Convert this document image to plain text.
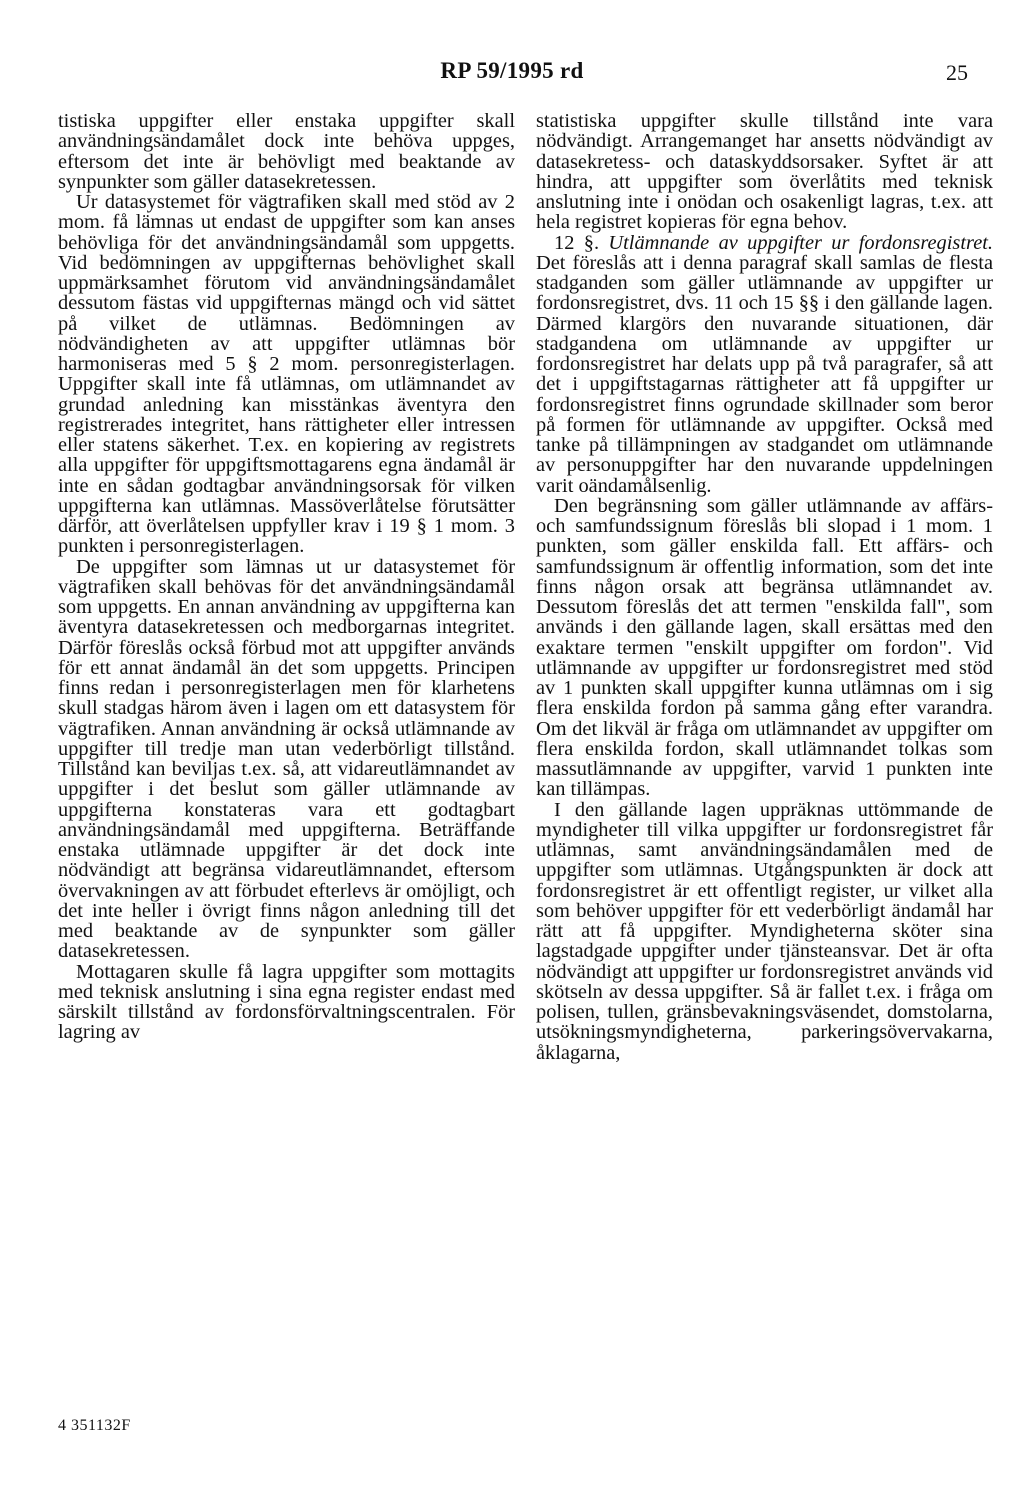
RP 59/1995 rd	25

tistiska uppgifter eller enstaka uppgifter skall användningsändamålet dock inte behöva uppges, eftersom det inte är behövligt med beaktande av synpunkter som gäller datasekretessen.

Ur datasystemet för vägtrafiken skall med stöd av 2 mom. få lämnas ut endast de uppgifter som kan anses behövliga för det användningsändamål som uppgetts. Vid bedömningen av uppgifternas behövlighet skall uppmärksamhet förutom vid användningsändamålet dessutom fästas vid uppgifternas mängd och vid sättet på vilket de utlämnas. Bedömningen av nödvändigheten av att uppgifter utlämnas bör harmoniseras med 5 § 2 mom. personregisterlagen. Uppgifter skall inte få utlämnas, om utlämnandet av grundad anledning kan misstänkas äventyra den registrerades integritet, hans rättigheter eller intressen eller statens säkerhet. T.ex. en kopiering av registrets alla uppgifter för uppgiftsmottagarens egna ändamål är inte en sådan godtagbar användningsorsak för vilken uppgifterna kan utlämnas. Massöverlåtelse förutsätter därför, att överlåtelsen uppfyller krav i 19 § 1 mom. 3 punkten i personregisterlagen.

De uppgifter som lämnas ut ur datasystemet för vägtrafiken skall behövas för det användningsändamål som uppgetts. En annan användning av uppgifterna kan äventyra datasekretessen och medborgarnas integritet. Därför föreslås också förbud mot att uppgifter används för ett annat ändamål än det som uppgetts. Principen finns redan i personregisterlagen men för klarhetens skull stadgas härom även i lagen om ett datasystem för vägtrafiken. Annan användning är också utlämnande av uppgifter till tredje man utan vederbörligt tillstånd. Tillstånd kan beviljas t.ex. så, att vidareutlämnandet av uppgifter i det beslut som gäller utlämnande av uppgifterna konstateras vara ett godtagbart användningsändamål med uppgifterna. Beträffande enstaka utlämnade uppgifter är det dock inte nödvändigt att begränsa vidareutlämnandet, eftersom övervakningen av att förbudet efterlevs är omöjligt, och det inte heller i övrigt finns någon anledning till det med beaktande av de synpunkter som gäller datasekretessen.

Mottagaren skulle få lagra uppgifter som mottagits med teknisk anslutning i sina egna register endast med särskilt tillstånd av fordonsförvaltningscentralen. För lagring av

statistiska uppgifter skulle tillstånd inte vara nödvändigt. Arrangemanget har ansetts nödvändigt av datasekretess- och dataskyddsorsaker. Syftet är att hindra, att uppgifter som överlåtits med teknisk anslutning inte i onödan och osakenligt lagras, t.ex. att hela registret kopieras för egna behov.

12 §. Utlämnande av uppgifter ur fordonsregistret. Det föreslås att i denna paragraf skall samlas de flesta stadganden som gäller utlämnande av uppgifter ur fordonsregistret, dvs. 11 och 15 §§ i den gällande lagen. Därmed klargörs den nuvarande situationen, där stadgandena om utlämnande av uppgifter ur fordonsregistret har delats upp på två paragrafer, så att det i uppgiftstagarnas rättigheter att få uppgifter ur fordonsregistret finns ogrundade skillnader som beror på formen för utlämnande av uppgifter. Också med tanke på tillämpningen av stadgandet om utlämnande av personuppgifter har den nuvarande uppdelningen varit oändamålsenlig.

Den begränsning som gäller utlämnande av affärs- och samfundssignum föreslås bli slopad i 1 mom. 1 punkten, som gäller enskilda fall. Ett affärs- och samfundssignum är offentlig information, som det inte finns någon orsak att begränsa utlämnandet av. Dessutom föreslås det att termen "enskilda fall", som används i den gällande lagen, skall ersättas med den exaktare termen "enskilt uppgifter om fordon". Vid utlämnande av uppgifter ur fordonsregistret med stöd av 1 punkten skall uppgifter kunna utlämnas om i sig flera enskilda fordon på samma gång efter varandra. Om det likväl är fråga om utlämnandet av uppgifter om flera enskilda fordon, skall utlämnandet tolkas som massutlämnande av uppgifter, varvid 1 punkten inte kan tillämpas.

I den gällande lagen uppräknas uttömmande de myndigheter till vilka uppgifter ur fordonsregistret får utlämnas, samt användningsändamålen med de uppgifter som utlämnas. Utgångspunkten är dock att fordonsregistret är ett offentligt register, ur vilket alla som behöver uppgifter för ett vederbörligt ändamål har rätt att få uppgifter. Myndigheterna sköter sina lagstadgade uppgifter under tjänsteansvar. Det är ofta nödvändigt att uppgifter ur fordonsregistret används vid skötseln av dessa uppgifter. Så är fallet t.ex. i fråga om polisen, tullen, gränsbevakningsväsendet, domstolarna, utsökningsmyndigheterna, parkeringsövervakarna, åklagarna,

4 351132F
